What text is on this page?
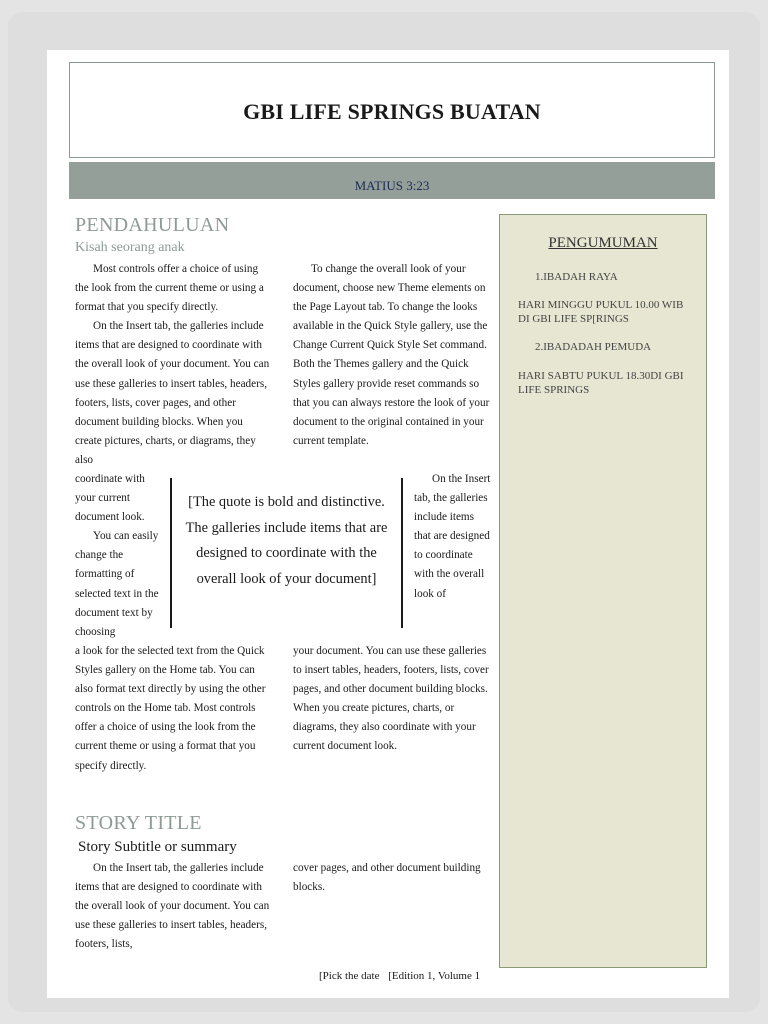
GBI LIFE SPRINGS BUATAN
MATIUS 3:23
PENDAHULUAN
Kisah seorang anak

Most controls offer a choice of using the look from the current theme or using a format that you specify directly.

On the Insert tab, the galleries include items that are designed to coordinate with the overall look of your document. You can use these galleries to insert tables, headers, footers, lists, cover pages, and other document building blocks. When you create pictures, charts, or diagrams, they also

coordinate with your current document look.

You can easily change the formatting of selected text in the document text by choosing

a look for the selected text from the Quick Styles gallery on the Home tab. You can also format text directly by using the other controls on the Home tab. Most controls offer a choice of using the look from the current theme or using a format that you specify directly.

To change the overall look of your document, choose new Theme elements on the Page Layout tab. To change the looks available in the Quick Style gallery, use the Change Current Quick Style Set command. Both the Themes gallery and the Quick Styles gallery provide reset commands so that you can always restore the look of your document to the original contained in your current template.

On the Insert tab, the galleries include items that are designed to coordinate with the overall look of

your document. You can use these galleries to insert tables, headers, footers, lists, cover pages, and other document building blocks. When you create pictures, charts, or diagrams, they also coordinate with your current document look.
[The quote is bold and distinctive. The galleries include items that are designed to coordinate with the overall look of your document]
STORY TITLE
Story Subtitle or summary

On the Insert tab, the galleries include items that are designed to coordinate with the overall look of your document. You can use these galleries to insert tables, headers, footers, lists,

cover pages, and other document building blocks.
PENGUMUMAN
1.IBADAH RAYA
HARI MINGGU PUKUL 10.00 WIB DI GBI LIFE SP[RINGS
2.IBADADAH PEMUDA
HARI SABTU PUKUL 18.30DI GBI LIFE SPRINGS
[Pick the date [Edition 1, Volume 1
